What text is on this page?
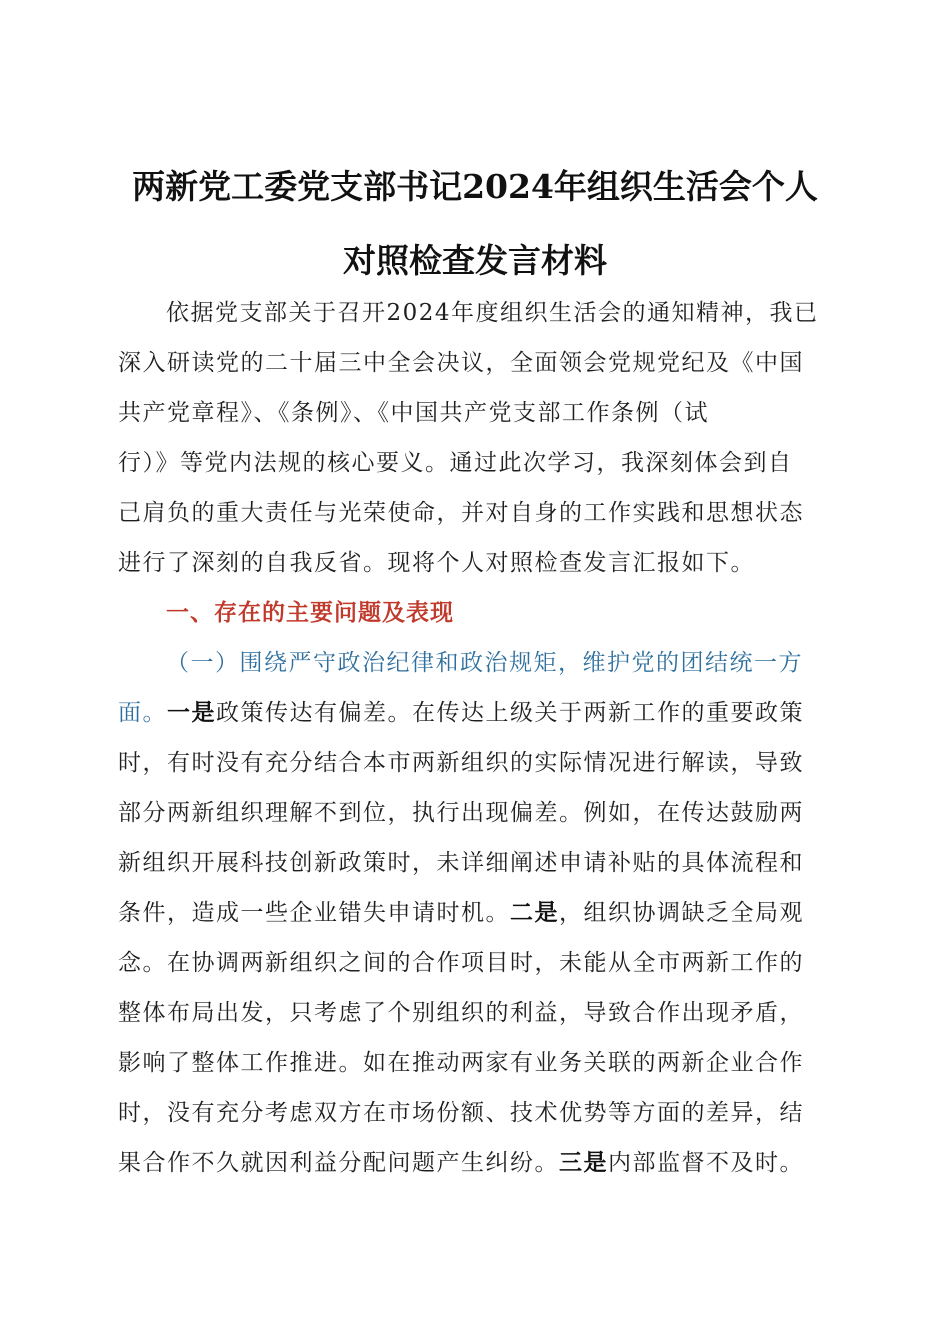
两新党工委党支部书记2024年组织生活会个人
对照检查发言材料
依据党支部关于召开2024年度组织生活会的通知精神，我已
深入研读党的二十届三中全会决议，全面领会党规党纪及《中国
共产党章程》、《条例》、《中国共产党支部工作条例（试
行）》等党内法规的核心要义。通过此次学习，我深刻体会到自
己肩负的重大责任与光荣使命，并对自身的工作实践和思想状态
进行了深刻的自我反省。现将个人对照检查发言汇报如下。
一、存在的主要问题及表现
（一）围绕严守政治纪律和政治规矩，维护党的团结统一方
面。一是政策传达有偏差。在传达上级关于两新工作的重要政策
时，有时没有充分结合本市两新组织的实际情况进行解读，导致
部分两新组织理解不到位，执行出现偏差。例如，在传达鼓励两
新组织开展科技创新政策时，未详细阐述申请补贴的具体流程和
条件，造成一些企业错失申请时机。二是，组织协调缺乏全局观
念。在协调两新组织之间的合作项目时，未能从全市两新工作的
整体布局出发，只考虑了个别组织的利益，导致合作出现矛盾，
影响了整体工作推进。如在推动两家有业务关联的两新企业合作
时，没有充分考虑双方在市场份额、技术优势等方面的差异，结
果合作不久就因利益分配问题产生纠纷。三是内部监督不及时。
